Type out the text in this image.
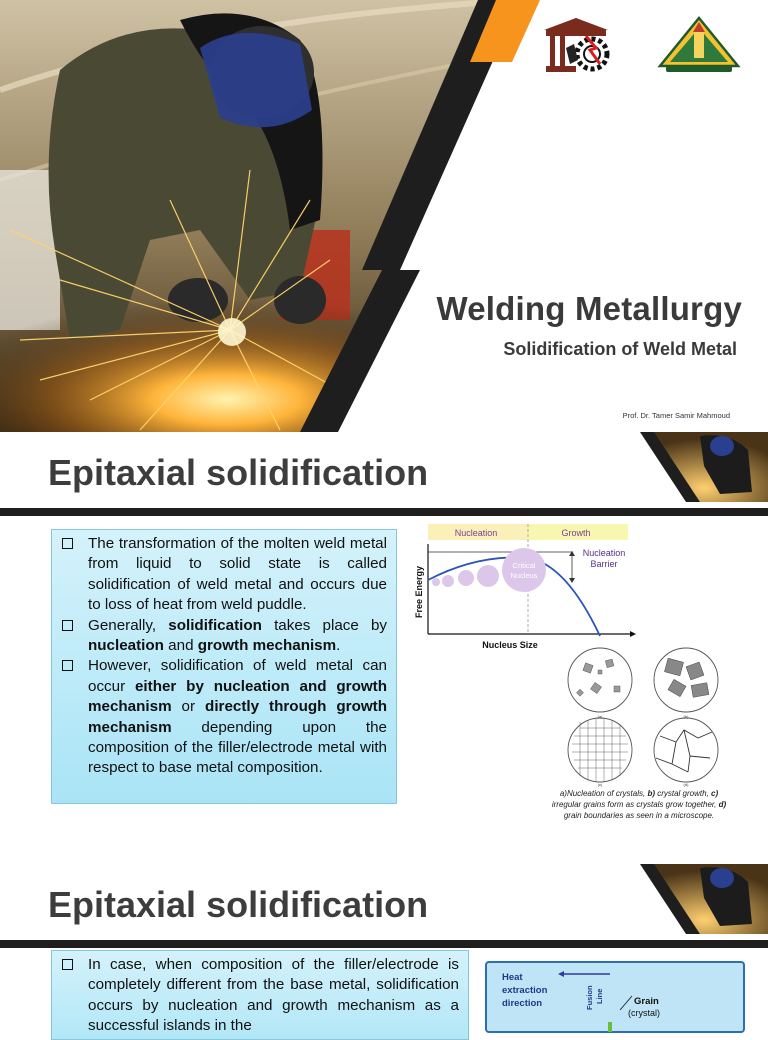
Welding Metallurgy
Solidification of Weld Metal
Prof. Dr. Tamer Samir Mahmoud
Epitaxial solidification
The transformation of the molten weld metal from liquid to solid state is called solidification of weld metal and occurs due to loss of heat from weld puddle.
Generally, solidification takes place by nucleation and growth mechanism.
However, solidification of weld metal can occur either by nucleation and growth mechanism or directly through growth mechanism depending upon the composition of the filler/electrode metal with respect to base metal composition.
Nucleation	Growth
Critical
Nucleus
Nucleation
Barrier
Nucleus Size
Free Energy
(a)	(b)
(c)	(d)
a)Nucleation of crystals, b) crystal growth, c) irregular grains form as crystals grow together, d) grain boundaries as seen in a microscope.
Epitaxial solidification
In case, when composition of the filler/electrode is completely different from the base metal, solidification occurs by nucleation and growth mechanism as a successful islands in the
Heat
extraction
direction	Fusion Line	Grain
(crystal)
